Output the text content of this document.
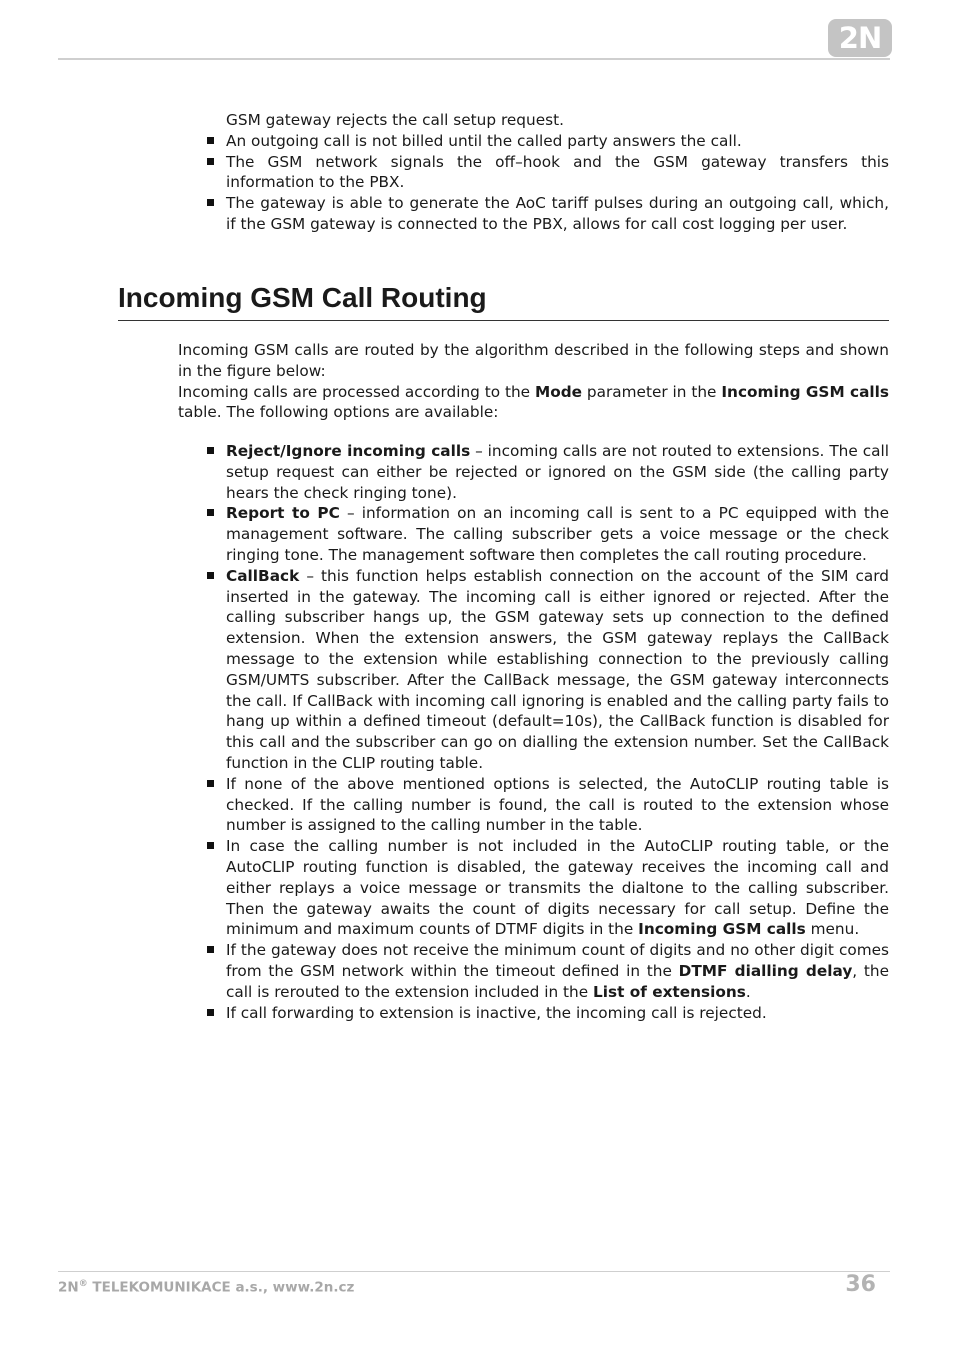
2N

GSM gateway rejects the call setup request.

An outgoing call is not billed until the called party answers the call.
The GSM network signals the off–hook and the GSM gateway transfers this information to the PBX.
The gateway is able to generate the AoC tariff pulses during an outgoing call, which, if the GSM gateway is connected to the PBX, allows for call cost logging per user.
Incoming GSM Call Routing

Incoming GSM calls are routed by the algorithm described in the following steps and shown in the figure below:

Incoming calls are processed according to the Mode parameter in the Incoming GSM calls table. The following options are available:

Reject/Ignore incoming calls – incoming calls are not routed to extensions. The call setup request can either be rejected or ignored on the GSM side (the calling party hears the check ringing tone).
Report to PC – information on an incoming call is sent to a PC equipped with the management software. The calling subscriber gets a voice message or the check ringing tone. The management software then completes the call routing procedure.
CallBack – this function helps establish connection on the account of the SIM card inserted in the gateway. The incoming call is either ignored or rejected. After the calling subscriber hangs up, the GSM gateway sets up connection to the defined extension. When the extension answers, the GSM gateway replays the CallBack message to the extension while establishing connection to the previously calling GSM/UMTS subscriber. After the CallBack message, the GSM gateway interconnects the call. If CallBack with incoming call ignoring is enabled and the calling party fails to hang up within a defined timeout (default=10s), the CallBack function is disabled for this call and the subscriber can go on dialling the extension number. Set the CallBack function in the CLIP routing table.
If none of the above mentioned options is selected, the AutoCLIP routing table is checked. If the calling number is found, the call is routed to the extension whose number is assigned to the calling number in the table.
In case the calling number is not included in the AutoCLIP routing table, or the AutoCLIP routing function is disabled, the gateway receives the incoming call and either replays a voice message or transmits the dialtone to the calling subscriber. Then the gateway awaits the count of digits necessary for call setup. Define the minimum and maximum counts of DTMF digits in the Incoming GSM calls menu.
If the gateway does not receive the minimum count of digits and no other digit comes from the GSM network within the timeout defined in the DTMF dialling delay, the call is rerouted to the extension included in the List of extensions.
If call forwarding to extension is inactive, the incoming call is rejected.
2N® TELEKOMUNIKACE a.s., www.2n.cz	36
